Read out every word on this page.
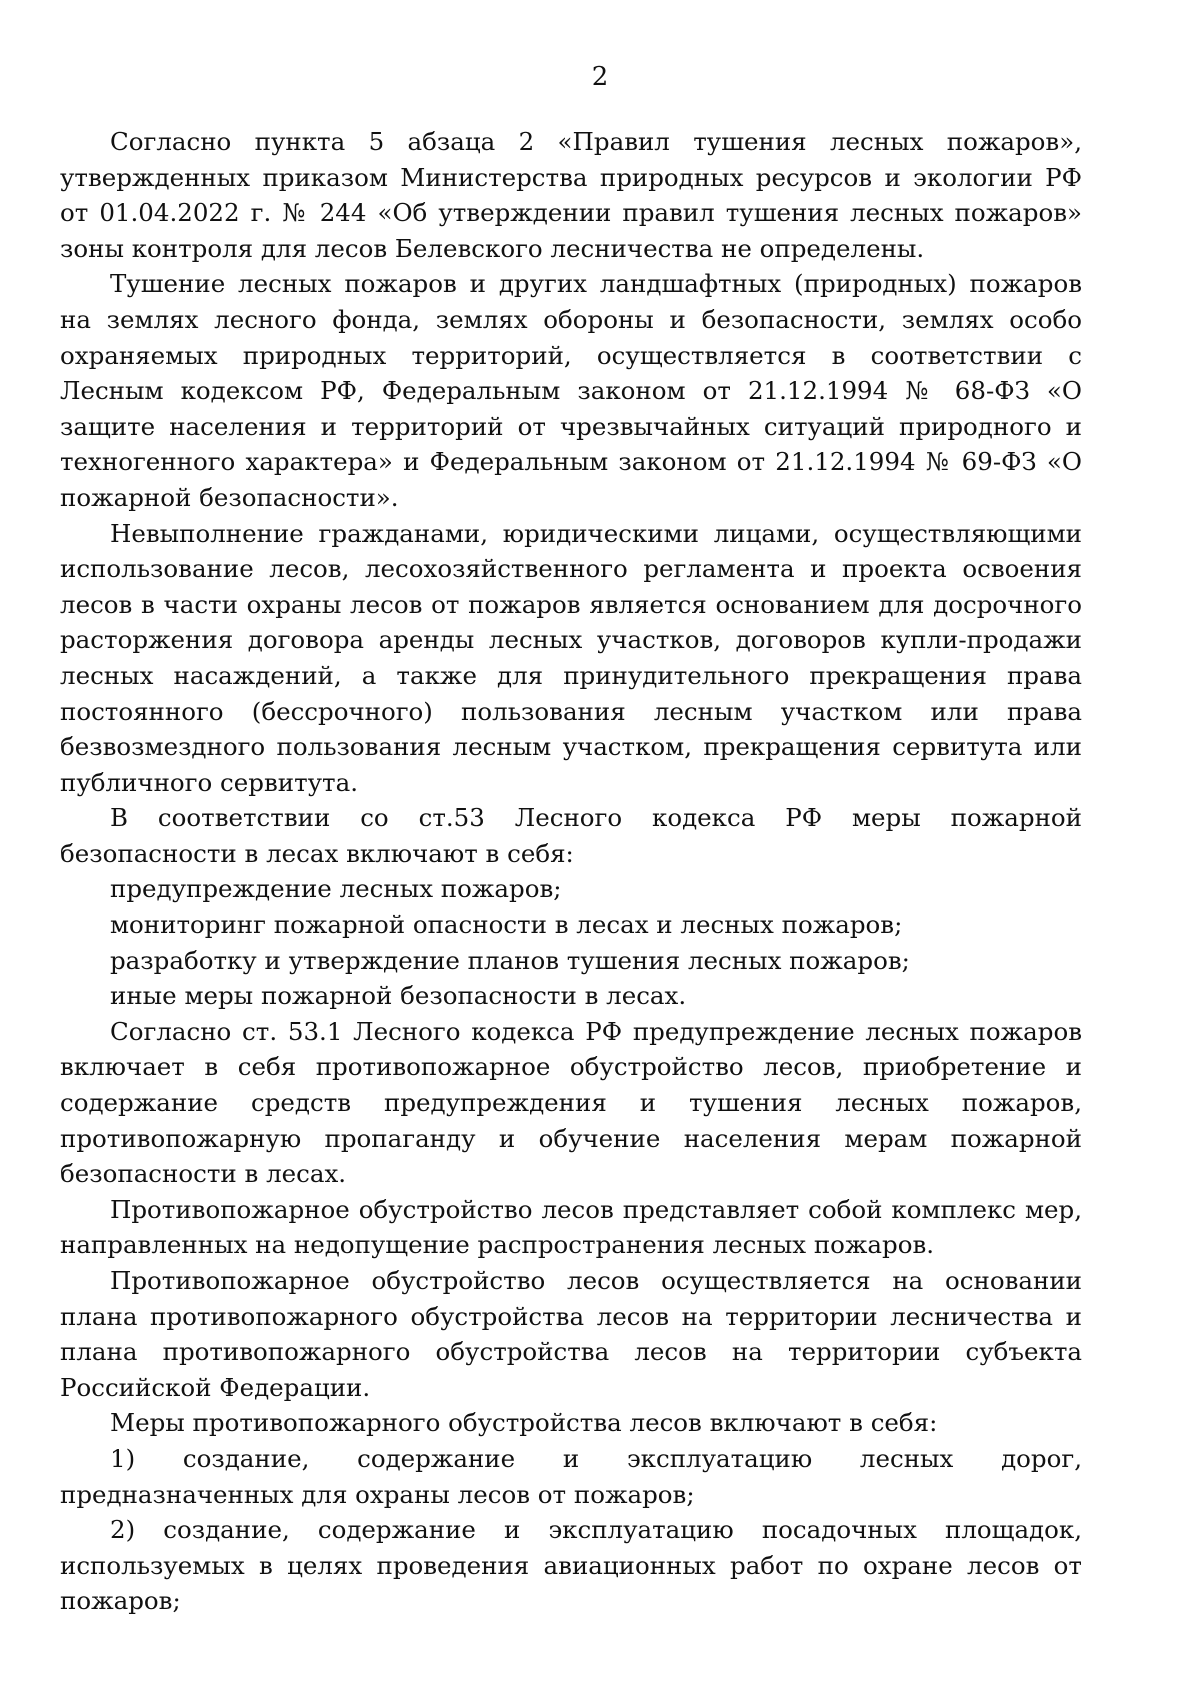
2

Согласно пункта 5 абзаца 2 «Правил тушения лесных пожаров», утвержденных приказом Министерства природных ресурсов и экологии РФ от 01.04.2022 г. № 244 «Об утверждении правил тушения лесных пожаров» зоны контроля для лесов Белевского лесничества не определены.

Тушение лесных пожаров и других ландшафтных (природных) пожаров на землях лесного фонда, землях обороны и безопасности, землях особо охраняемых природных территорий, осуществляется в соответствии с Лесным кодексом РФ, Федеральным законом от 21.12.1994 № 68-ФЗ «О защите населения и территорий от чрезвычайных ситуаций природного и техногенного характера» и Федеральным законом от 21.12.1994 № 69-ФЗ «О пожарной безопасности».

Невыполнение гражданами, юридическими лицами, осуществляющими использование лесов, лесохозяйственного регламента и проекта освоения лесов в части охраны лесов от пожаров является основанием для досрочного расторжения договора аренды лесных участков, договоров купли-продажи лесных насаждений, а также для принудительного прекращения права постоянного (бессрочного) пользования лесным участком или права безвозмездного пользования лесным участком, прекращения сервитута или публичного сервитута.

В соответствии со ст.53 Лесного кодекса РФ меры пожарной безопасности в лесах включают в себя:

предупреждение лесных пожаров;

мониторинг пожарной опасности в лесах и лесных пожаров;

разработку и утверждение планов тушения лесных пожаров;

иные меры пожарной безопасности в лесах.

Согласно ст. 53.1 Лесного кодекса РФ предупреждение лесных пожаров включает в себя противопожарное обустройство лесов, приобретение и содержание средств предупреждения и тушения лесных пожаров, противопожарную пропаганду и обучение населения мерам пожарной безопасности в лесах.

Противопожарное обустройство лесов представляет собой комплекс мер, направленных на недопущение распространения лесных пожаров.

Противопожарное обустройство лесов осуществляется на основании плана противопожарного обустройства лесов на территории лесничества и плана противопожарного обустройства лесов на территории субъекта Российской Федерации.

Меры противопожарного обустройства лесов включают в себя:

1) создание, содержание и эксплуатацию лесных дорог, предназначенных для охраны лесов от пожаров;

2) создание, содержание и эксплуатацию посадочных площадок, используемых в целях проведения авиационных работ по охране лесов от пожаров;
